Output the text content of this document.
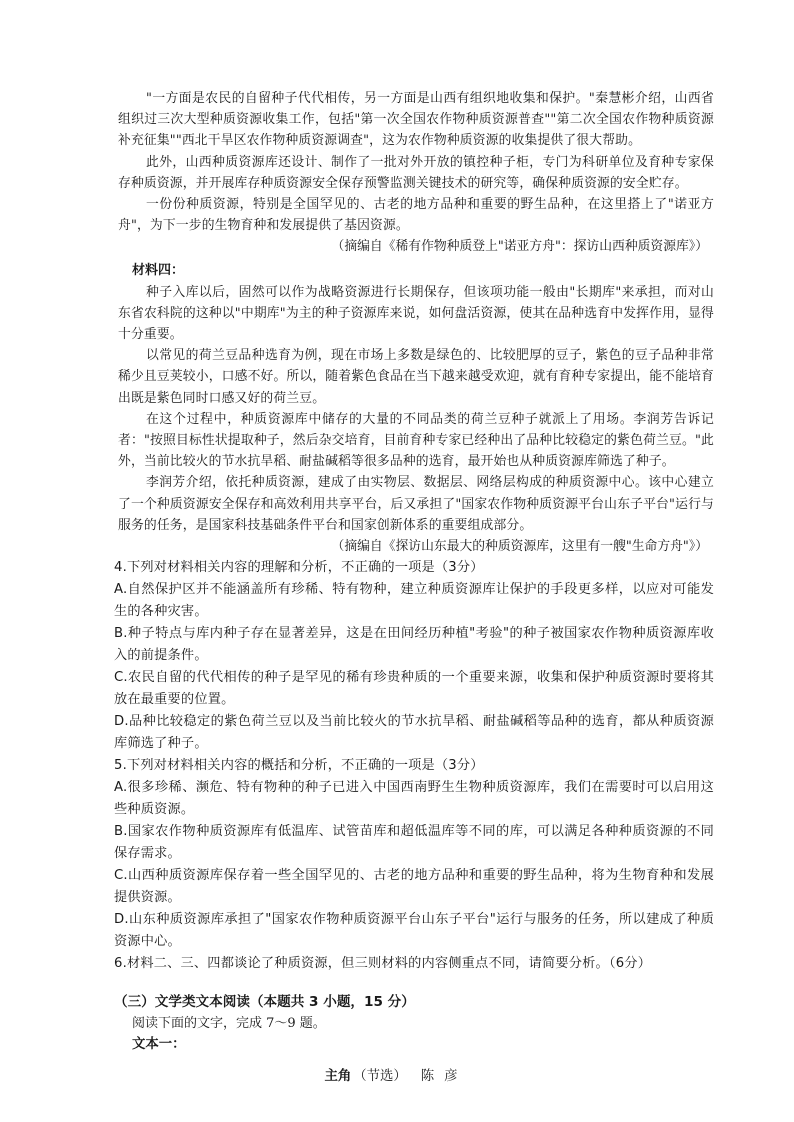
"一方面是农民的自留种子代代相传，另一方面是山西有组织地收集和保护。"秦慧彬介绍，山西省组织过三次大型种质资源收集工作，包括"第一次全国农作物种质资源普查""第二次全国农作物种质资源补充征集""西北干旱区农作物种质资源调查"，这为农作物种质资源的收集提供了很大帮助。

此外，山西种质资源库还设计、制作了一批对外开放的镇控种子柜，专门为科研单位及育种专家保存种质资源，并开展库存种质资源安全保存预警监测关键技术的研究等，确保种质资源的安全贮存。

一份份种质资源，特别是全国罕见的、古老的地方品种和重要的野生品种，在这里搭上了"诺亚方舟"，为下一步的生物育种和发展提供了基因资源。

（摘编自《稀有作物种质登上"诺亚方舟"：探访山西种质资源库》）

材料四：

种子入库以后，固然可以作为战略资源进行长期保存，但该项功能一般由"长期库"来承担，而对山东省农科院的这种以"中期库"为主的种子资源库来说，如何盘活资源，使其在品种选育中发挥作用，显得十分重要。

以常见的荷兰豆品种选育为例，现在市场上多数是绿色的、比较肥厚的豆子，紫色的豆子品种非常稀少且豆荚较小，口感不好。所以，随着紫色食品在当下越来越受欢迎，就有育种专家提出，能不能培育出既是紫色同时口感又好的荷兰豆。

在这个过程中，种质资源库中储存的大量的不同品类的荷兰豆种子就派上了用场。李润芳告诉记者："按照目标性状提取种子，然后杂交培育，目前育种专家已经种出了品种比较稳定的紫色荷兰豆。"此外，当前比较火的节水抗旱稻、耐盐碱稻等很多品种的选育，最开始也从种质资源库筛选了种子。

李润芳介绍，依托种质资源，建成了由实物层、数据层、网络层构成的种质资源中心。该中心建立了一个种质资源安全保存和高效利用共享平台，后又承担了"国家农作物种质资源平台山东子平台"运行与服务的任务，是国家科技基础条件平台和国家创新体系的重要组成部分。

（摘编自《探访山东最大的种质资源库，这里有一艘"生命方舟"》）

4.下列对材料相关内容的理解和分析，不正确的一项是（3分）

A.自然保护区并不能涵盖所有珍稀、特有物种，建立种质资源库让保护的手段更多样，以应对可能发生的各种灾害。

B.种子特点与库内种子存在显著差异，这是在田间经历种植"考验"的种子被国家农作物种质资源库收入的前提条件。

C.农民自留的代代相传的种子是罕见的稀有珍贵种质的一个重要来源，收集和保护种质资源时要将其放在最重要的位置。

D.品种比较稳定的紫色荷兰豆以及当前比较火的节水抗旱稻、耐盐碱稻等品种的选育，都从种质资源库筛选了种子。

5.下列对材料相关内容的概括和分析，不正确的一项是（3分）

A.很多珍稀、濒危、特有物种的种子已进入中国西南野生生物种质资源库，我们在需要时可以启用这些种质资源。

B.国家农作物种质资源库有低温库、试管苗库和超低温库等不同的库，可以满足各种种质资源的不同保存需求。

C.山西种质资源库保存着一些全国罕见的、古老的地方品种和重要的野生品种，将为生物育种和发展提供资源。

D.山东种质资源库承担了"国家农作物种质资源平台山东子平台"运行与服务的任务，所以建成了种质资源中心。

6.材料二、三、四都谈论了种质资源，但三则材料的内容侧重点不同，请简要分析。（6分）

（三）文学类文本阅读（本题共 3 小题，15 分）

阅读下面的文字，完成 7～9 题。

文本一：

主角 （节选） 陈彦
